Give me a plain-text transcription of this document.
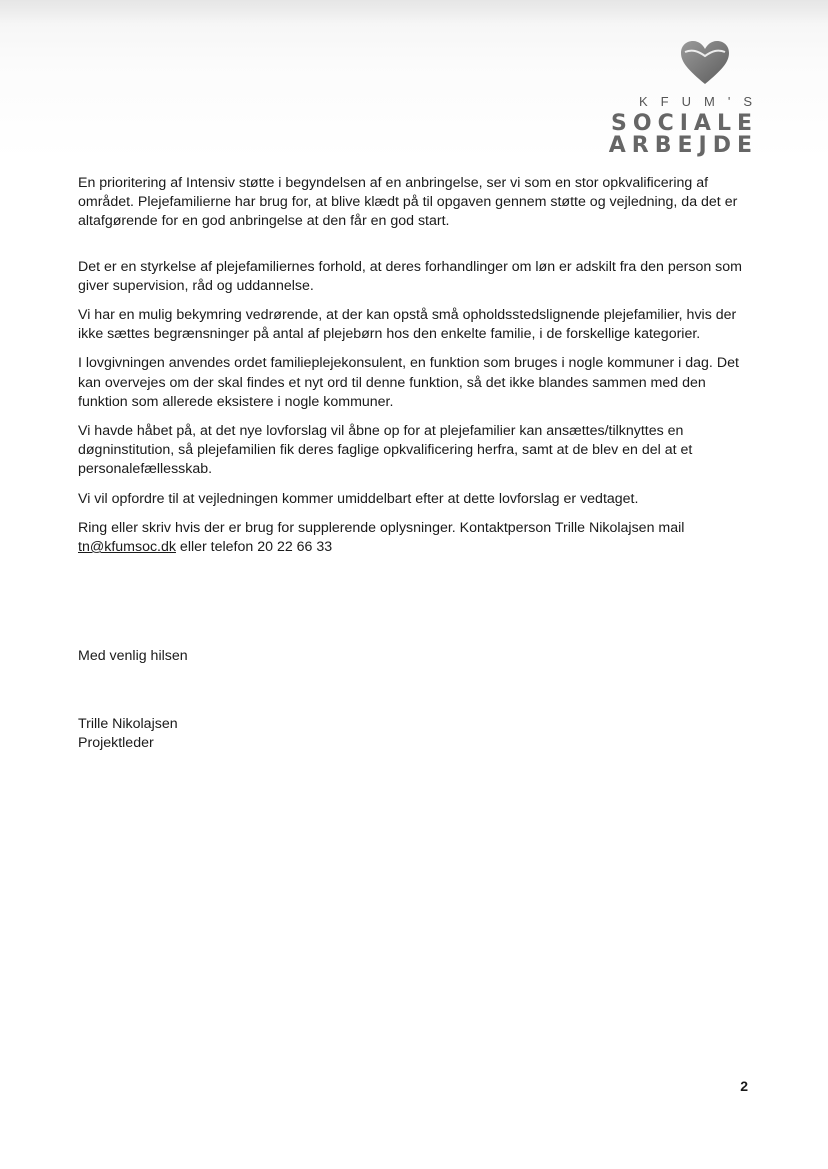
KFUM'S
SOCIALE
ARBEJDE

En prioritering af Intensiv støtte i begyndelsen af en anbringelse, ser vi som en stor opkvalificering af området. Plejefamilierne har brug for, at blive klædt på til opgaven gennem støtte og vejledning, da det er altafgørende for en god anbringelse at den får en god start.

Det er en styrkelse af plejefamiliernes forhold, at deres forhandlinger om løn er adskilt fra den person som giver supervision, råd og uddannelse.

Vi har en mulig bekymring vedrørende, at der kan opstå små opholdsstedslignende plejefamilier, hvis der ikke sættes begrænsninger på antal af plejebørn hos den enkelte familie, i de forskellige kategorier.

I lovgivningen anvendes ordet familieplejekonsulent, en funktion som bruges i nogle kommuner i dag. Det kan overvejes om der skal findes et nyt ord til denne funktion, så det ikke blandes sammen med den funktion som allerede eksistere i nogle kommuner.

Vi havde håbet på, at det nye lovforslag vil åbne op for at plejefamilier kan ansættes/tilknyttes en døgninstitution, så plejefamilien fik deres faglige opkvalificering herfra, samt at de blev en del at et personalefællesskab.

Vi vil opfordre til at vejledningen kommer umiddelbart efter at dette lovforslag er vedtaget.

Ring eller skriv hvis der er brug for supplerende oplysninger. Kontaktperson Trille Nikolajsen mail tn@kfumsoc.dk eller telefon 20 22 66 33

Med venlig hilsen
Trille Nikolajsen
Projektleder
2
